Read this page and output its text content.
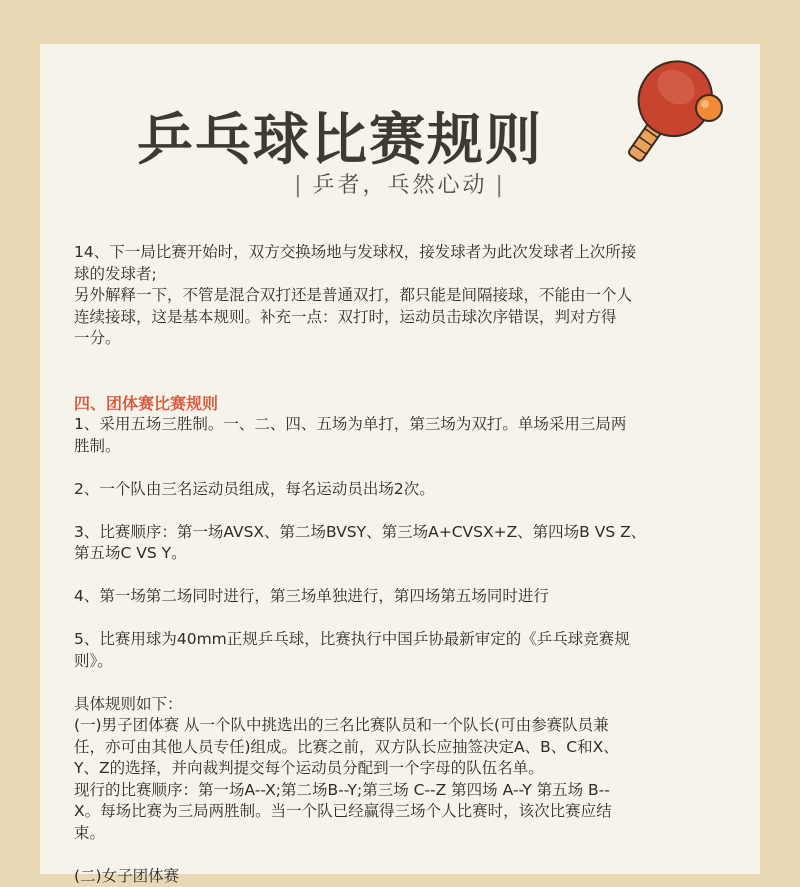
乒乓球比赛规则
| 乒者，乓然心动 |

14、下一局比赛开始时，双方交换场地与发球权，接发球者为此次发球者上次所接

球的发球者;

另外解释一下，不管是混合双打还是普通双打，都只能是间隔接球，不能由一个人

连续接球，这是基本规则。补充一点：双打时，运动员击球次序错误，判对方得

一分。

四、团体赛比赛规则

1、采用五场三胜制。一、二、四、五场为单打，第三场为双打。单场采用三局两

胜制。

2、一个队由三名运动员组成，每名运动员出场2次。

3、比赛顺序：第一场AVSX、第二场BVSY、第三场A+CVSX+Z、第四场B VS Z、

第五场C VS Y。

4、第一场第二场同时进行，第三场单独进行，第四场第五场同时进行

5、比赛用球为40mm正规乒乓球，比赛执行中国乒协最新审定的《乒乓球竞赛规

则》。

具体规则如下：

(一)男子团体赛 从一个队中挑选出的三名比赛队员和一个队长(可由参赛队员兼

任，亦可由其他人员专任)组成。比赛之前，双方队长应抽签决定A、B、C和X、

Y、Z的选择，并向裁判提交每个运动员分配到一个字母的队伍名单。

现行的比赛顺序：第一场A--X;第二场B--Y;第三场 C--Z 第四场 A--Y 第五场 B--

X。每场比赛为三局两胜制。当一个队已经赢得三场个人比赛时，该次比赛应结

束。

(二)女子团体赛
